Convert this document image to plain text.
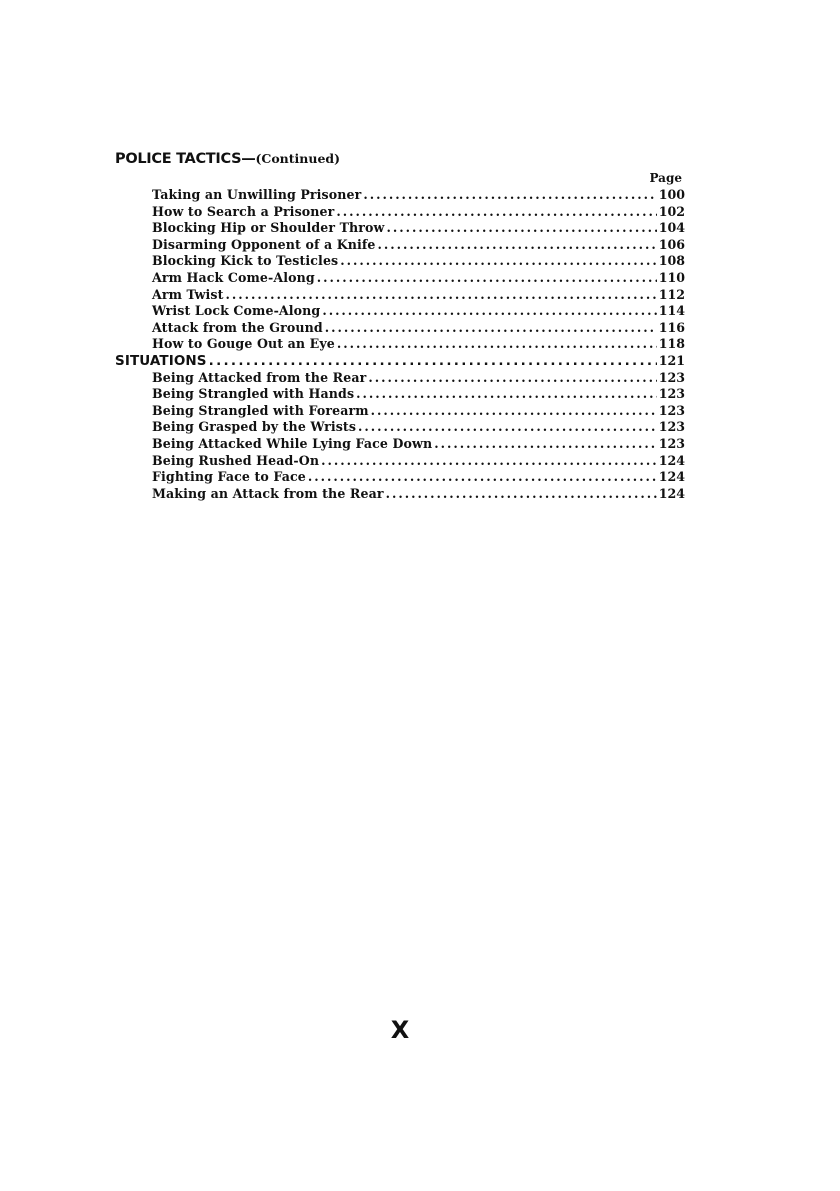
POLICE TACTICS—(Continued)
Page
Taking an Unwilling Prisoner . . .	100
How to Search a Prisoner . . .	102
Blocking Hip or Shoulder Throw . . .	104
Disarming Opponent of a Knife . . .	106
Blocking Kick to Testicles . . .	108
Arm Hack Come-Along . . .	110
Arm Twist . . .	112
Wrist Lock Come-Along . . .	114
Attack from the Ground . . .	116
How to Gouge Out an Eye . . .	118
SITUATIONS . . .	121
Being Attacked from the Rear . . .	123
Being Strangled with Hands . . .	123
Being Strangled with Forearm . . .	123
Being Grasped by the Wrists . . .	123
Being Attacked While Lying Face Down . . .	123
Being Rushed Head-On . . .	124
Fighting Face to Face . . .	124
Making an Attack from the Rear . . .	124
X
